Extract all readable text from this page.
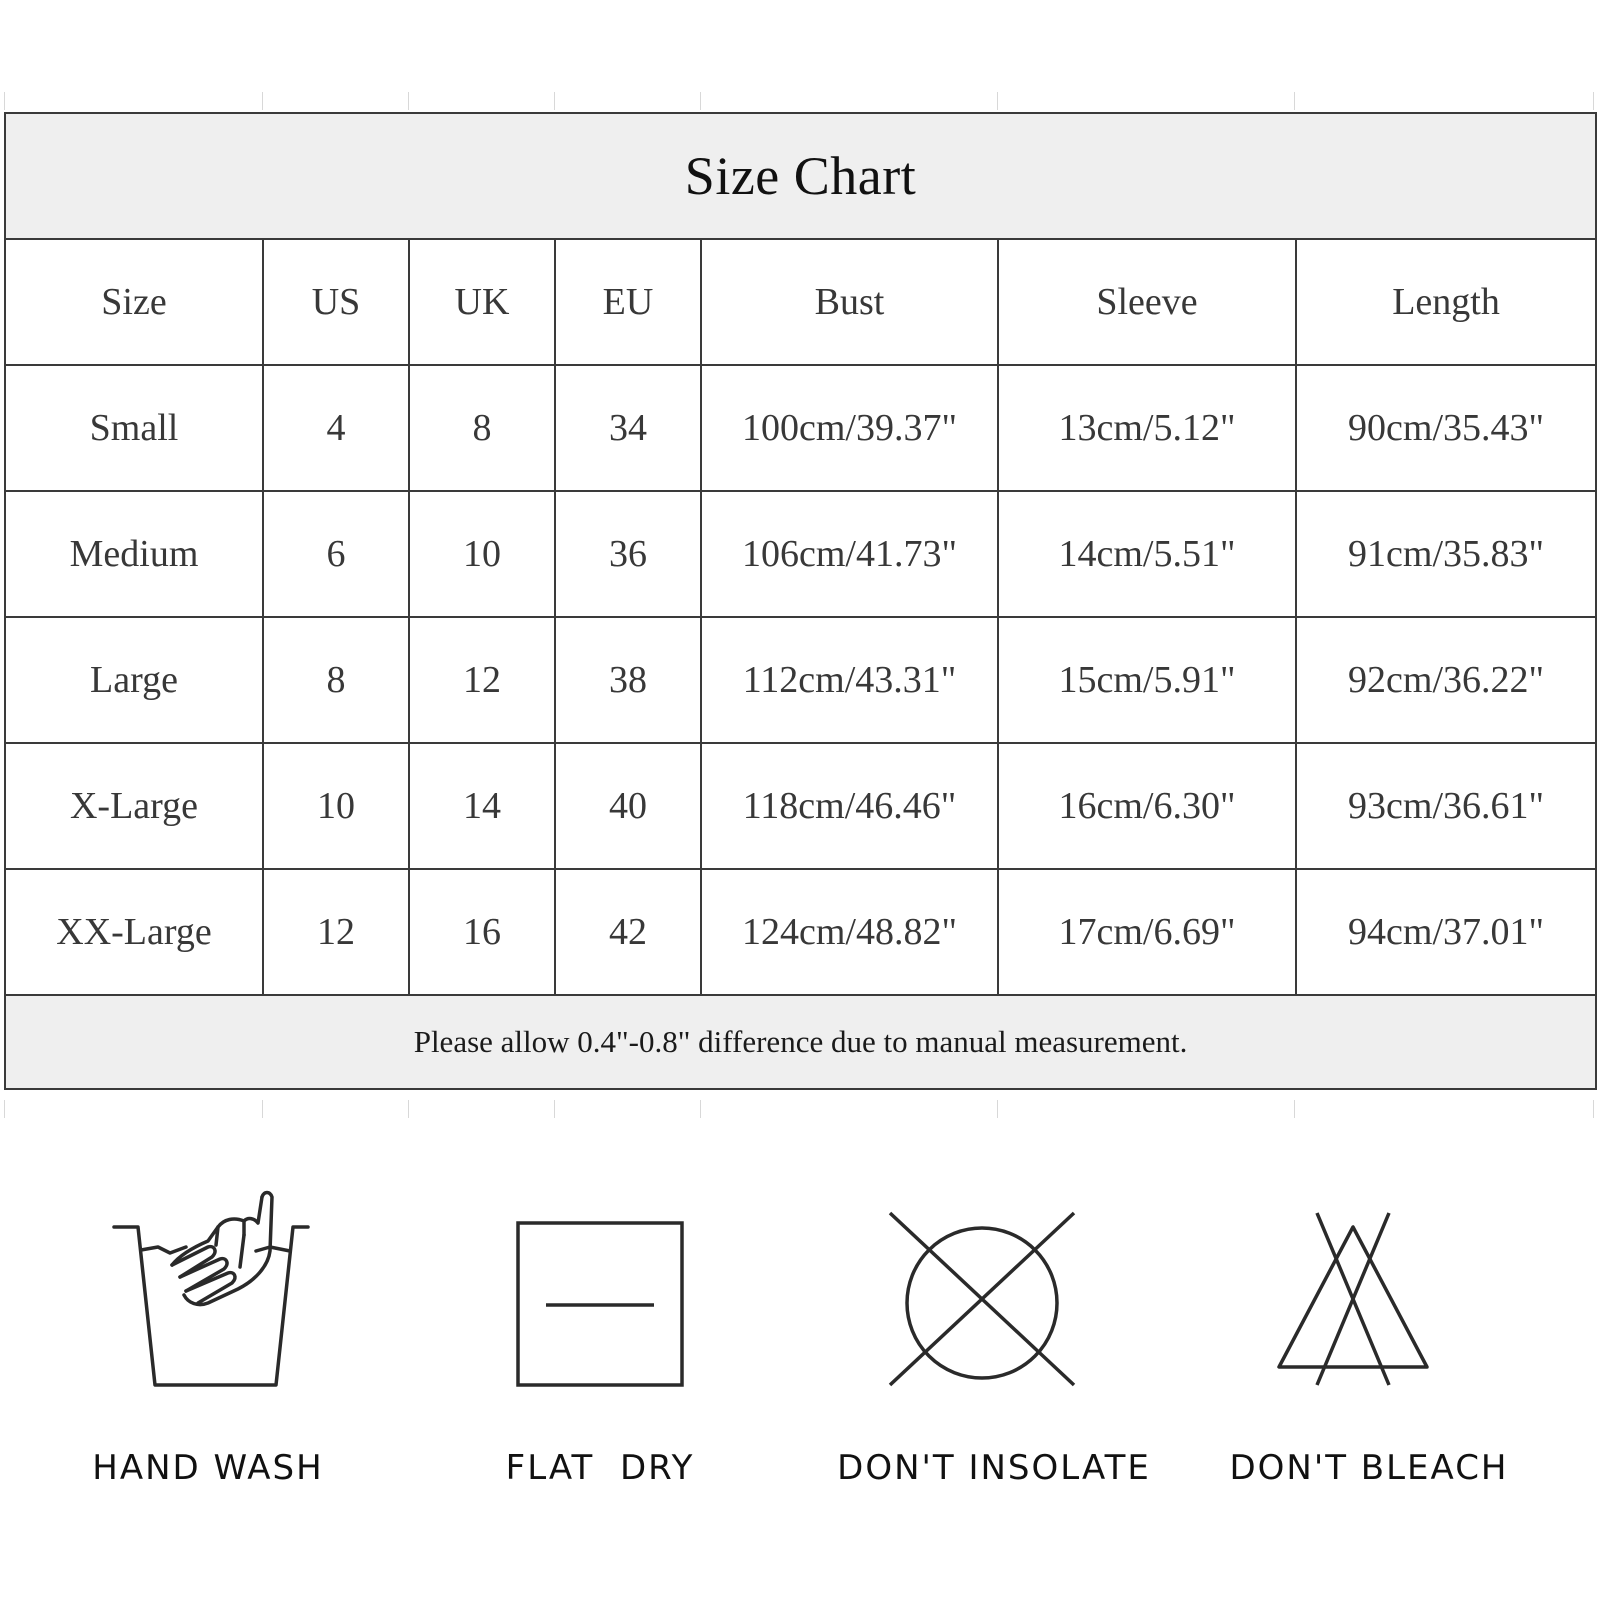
Size Chart						
Size	US	UK	EU	Bust	Sleeve	Length
Small	4	8	34	100cm/39.37"	13cm/5.12"	90cm/35.43"
Medium	6	10	36	106cm/41.73"	14cm/5.51"	91cm/35.83"
Large	8	12	38	112cm/43.31"	15cm/5.91"	92cm/36.22"
X-Large	10	14	40	118cm/46.46"	16cm/6.30"	93cm/36.61"
XX-Large	12	16	42	124cm/48.82"	17cm/6.69"	94cm/37.01"
Please allow 0.4"-0.8" difference due to manual measurement.						
HAND WASH	FLAT  DRY	DON'T INSOLATE	DON'T BLEACH
